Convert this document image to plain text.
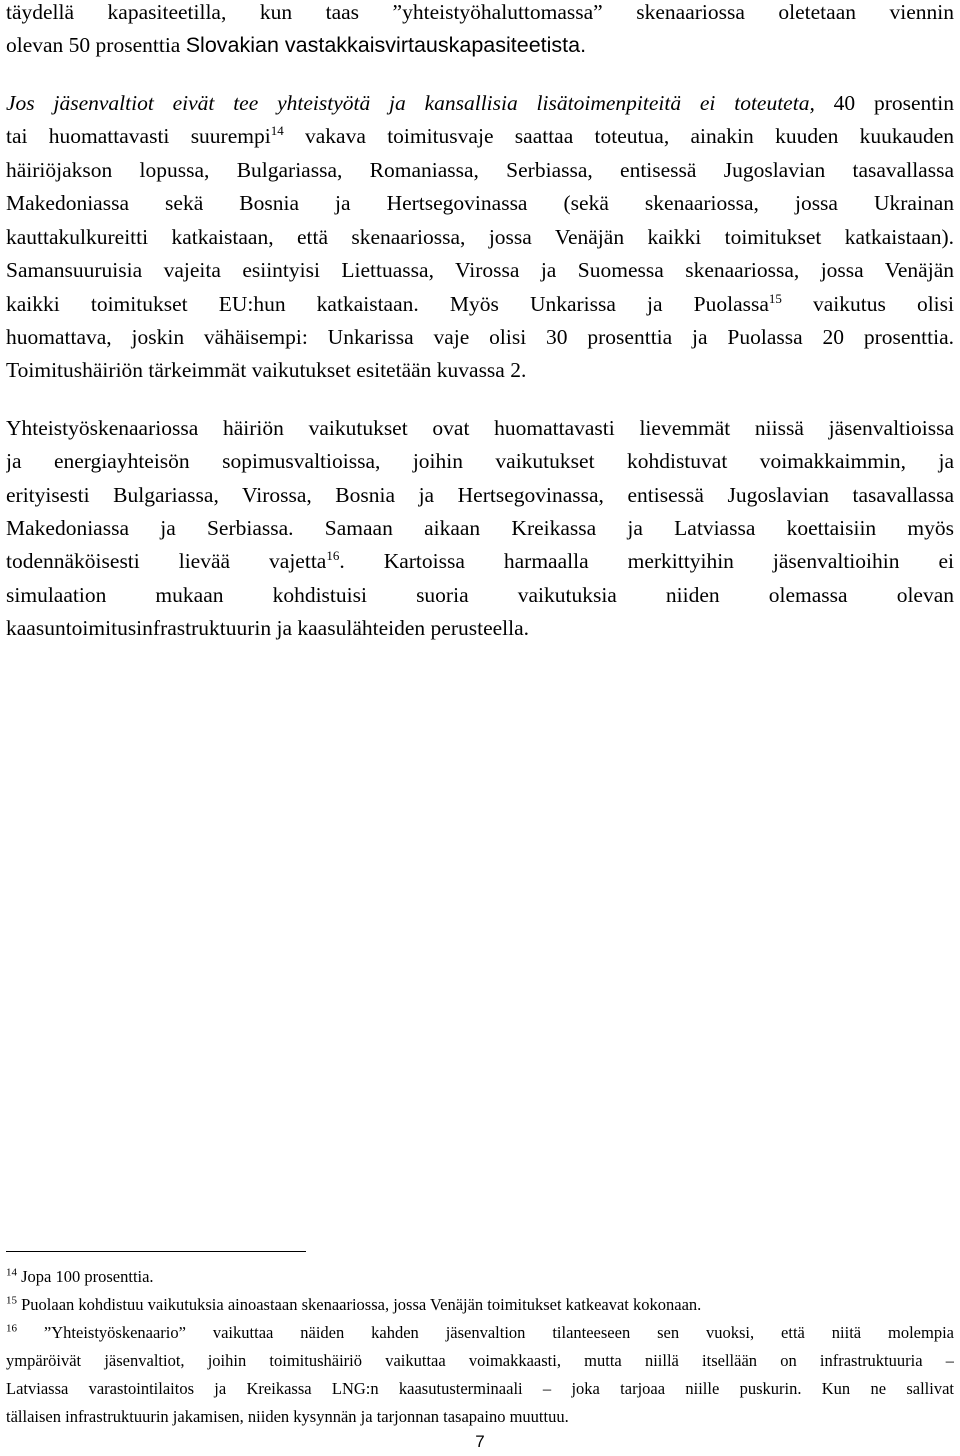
täydellä kapasiteetilla, kun taas ”yhteistyöhaluttomassa” skenaariossa oletetaan viennin
olevan 50 prosenttia Slovakian vastakkaisvirtauskapasiteetista.
Jos jäsenvaltiot eivät tee yhteistyötä ja kansallisia lisätoimenpiteitä ei toteuteta, 40 prosentin
tai huomattavasti suurempi$^{14}$ vakava toimitusvaje saattaa toteutua, ainakin kuuden kuukauden
häiriöjakson lopussa, Bulgariassa, Romaniassa, Serbiassa, entisessä Jugoslavian tasavallassa
Makedoniassa sekä Bosnia ja Hertsegovinassa (sekä skenaariossa, jossa Ukrainan
kauttakulkureitti katkaistaan, että skenaariossa, jossa Venäjän kaikki toimitukset katkaistaan).
Samansuuruisia vajeita esiintyisi Liettuassa, Virossa ja Suomessa skenaariossa, jossa Venäjän
kaikki toimitukset EU:hun katkaistaan. Myös Unkarissa ja Puolassa$^{15}$ vaikutus olisi
huomattava, joskin vähäisempi: Unkarissa vaje olisi 30 prosenttia ja Puolassa 20 prosenttia.
Toimitushäiriön tärkeimmät vaikutukset esitetään kuvassa 2.
Yhteistyöskenaariossa häiriön vaikutukset ovat huomattavasti lievemmät niissä jäsenvaltioissa
ja energiayhteisön sopimusvaltioissa, joihin vaikutukset kohdistuvat voimakkaimmin, ja
erityisesti Bulgariassa, Virossa, Bosnia ja Hertsegovinassa, entisessä Jugoslavian tasavallassa
Makedoniassa ja Serbiassa. Samaan aikaan Kreikassa ja Latviassa koettaisiin myös
todennäköisesti lievää vajetta$^{16}$. Kartoissa harmaalla merkittyihin jäsenvaltioihin ei
simulaation mukaan kohdistuisi suoria vaikutuksia niiden olemassa olevan
kaasuntoimitusinfrastruktuurin ja kaasulähteiden perusteella.
$^{14}$ Jopa 100 prosenttia.
$^{15}$ Puolaan kohdistuu vaikutuksia ainoastaan skenaariossa, jossa Venäjän toimitukset katkeavat kokonaan.
$^{16}$ ”Yhteistyöskenaario” vaikuttaa näiden kahden jäsenvaltion tilanteeseen sen vuoksi, että niitä molempia
ympäröivät jäsenvaltiot, joihin toimitushäiriö vaikuttaa voimakkaasti, mutta niillä itsellään on infrastruktuuria –
Latviassa varastointilaitos ja Kreikassa LNG:n kaasutusterminaali – joka tarjoaa niille puskurin. Kun ne sallivat
tällaisen infrastruktuurin jakamisen, niiden kysynnän ja tarjonnan tasapaino muuttuu.
7
